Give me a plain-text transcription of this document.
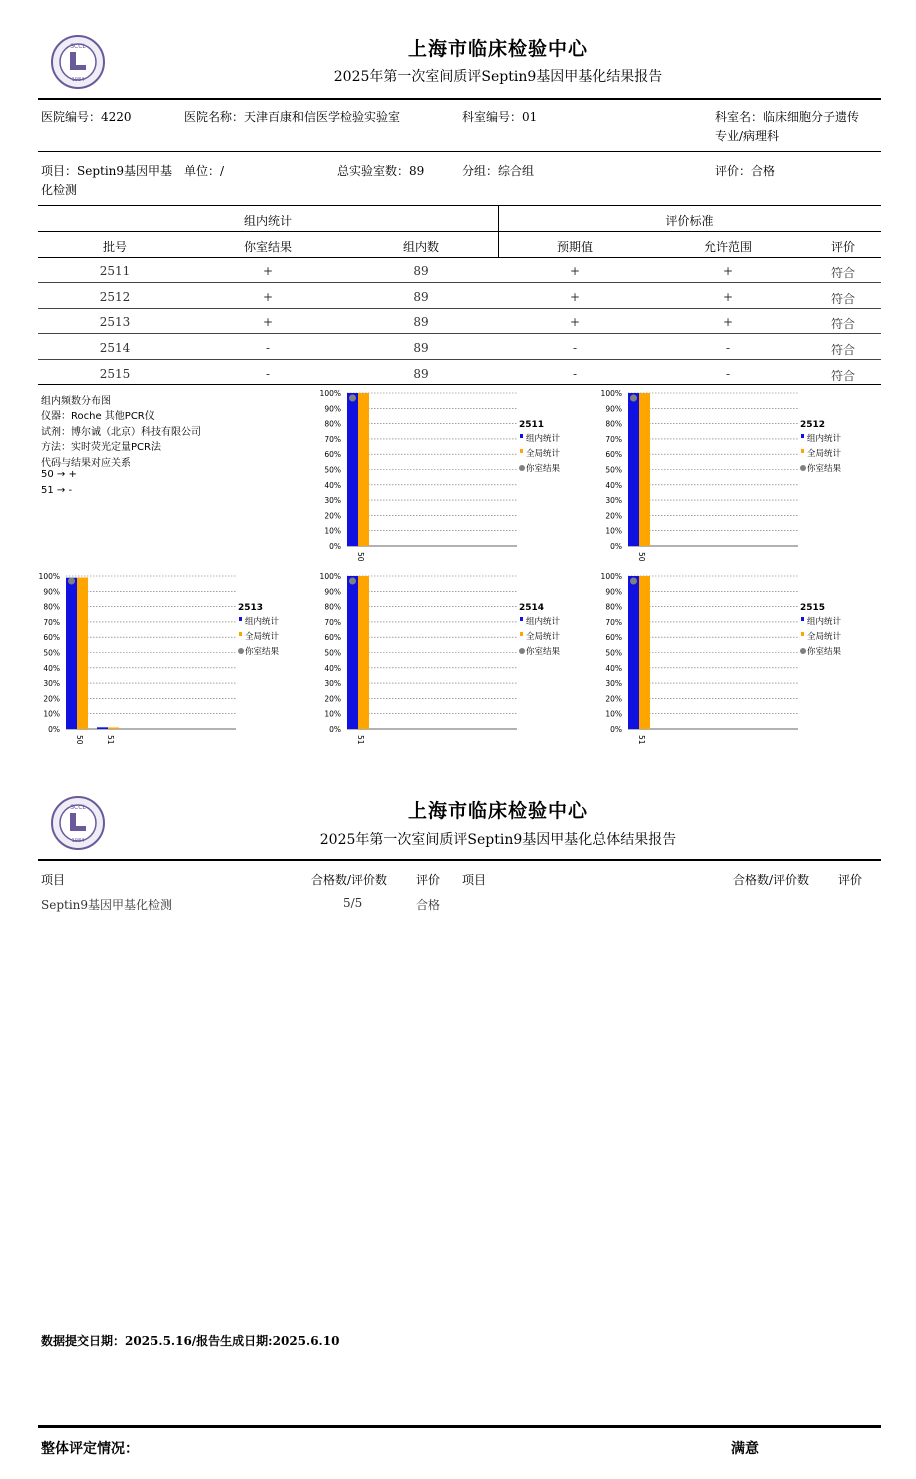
SCCL
1984
上海市临床检验中心
2025年第一次室间质评Septin9基因甲基化结果报告
医院编号：4220	医院名称：天津百康和信医学检验实验室	科室编号：01	科室名：临床细胞分子遗传
专业/病理科
项目：Septin9基因甲基
化检测
单位：/	总实验室数：89	分组：综合组	评价：合格
组内统计	评价标准
批号	你室结果	组内数	预期值	允许范围	评价
2511	+	89	+	+	符合
2512	+	89	+	+	符合
2513	+	89	+	+	符合
2514	-	89	-	-	符合
2515	-	89	-	-	符合
组内频数分布图
仪器：Roche 其他PCR仪
试剂：博尔诚（北京）科技有限公司
方法：实时荧光定量PCR法
代码与结果对应关系
50 → +
51 → -
0%
10%
20%
30%
40%
50%
60%
70%
80%
90%
100%
50
2511
组内统计
全局统计
你室结果
0%
10%
20%
30%
40%
50%
60%
70%
80%
90%
100%
50
2512
组内统计
全局统计
你室结果
0%
10%
20%
30%
40%
50%
60%
70%
80%
90%
100%
50	51
2513
组内统计
全局统计
你室结果
0%
10%
20%
30%
40%
50%
60%
70%
80%
90%
100%
51
2514
组内统计
全局统计
你室结果
0%
10%
20%
30%
40%
50%
60%
70%
80%
90%
100%
51
2515
组内统计
全局统计
你室结果
SCCL
1984
上海市临床检验中心
2025年第一次室间质评Septin9基因甲基化总体结果报告
项目	合格数/评价数 评价 项目	合格数/评价数 评价
Septin9基因甲基化检测	5/5	合格
数据提交日期：2025.5.16/报告生成日期:2025.6.10
整体评定情况：	满意
